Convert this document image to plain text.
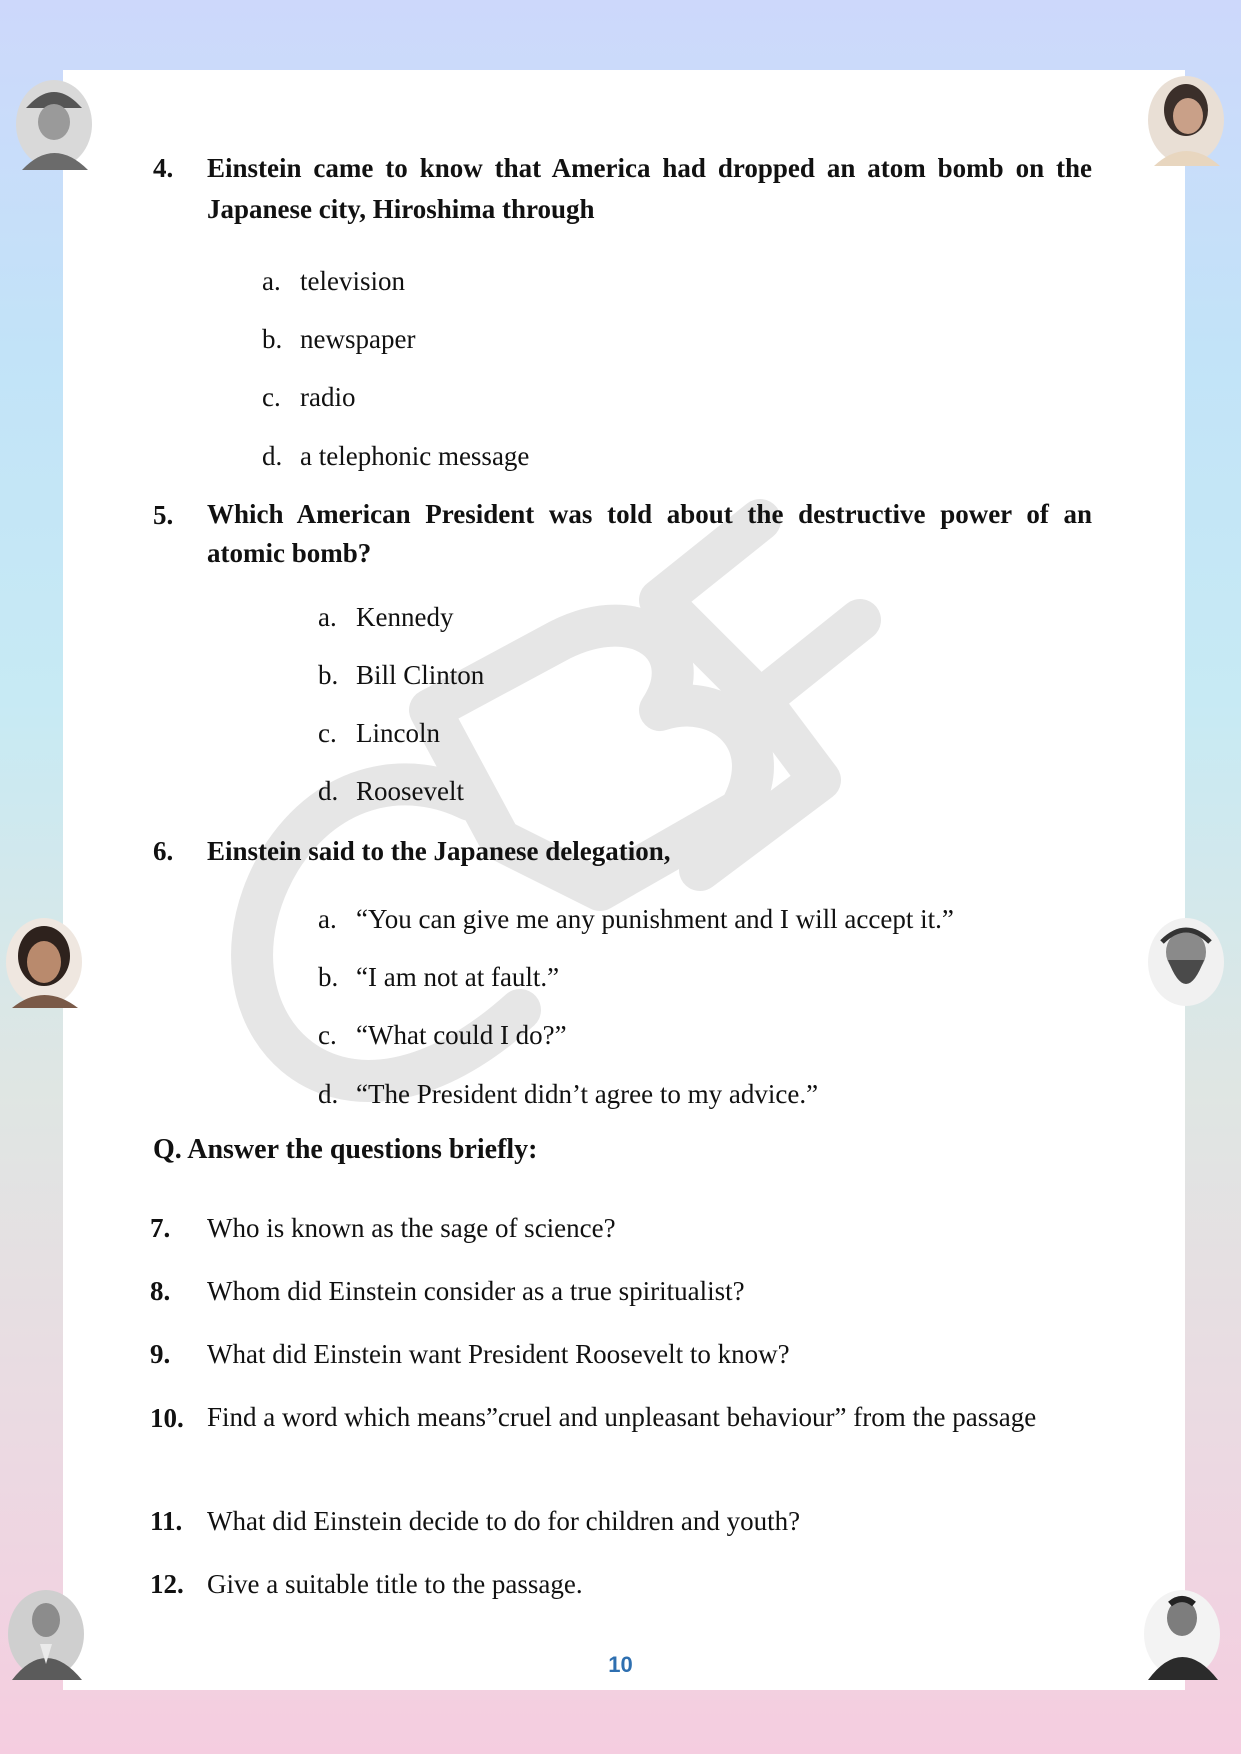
4. Einstein came to know that America had dropped an atom bomb on the Japanese city, Hiroshima through
a. television
b. newspaper
c. radio
d. a telephonic message
5. Which American President was told about the destructive power of an atomic bomb?
a. Kennedy
b. Bill Clinton
c. Lincoln
d. Roosevelt
6. Einstein said to the Japanese delegation,
a. “You can give me any punishment and I will accept it.”
b. “I am not at fault.”
c. “What could I do?”
d. “The President didn’t agree to my advice.”
Q. Answer the questions briefly:
7. Who is known as the sage of science?
8. Whom did Einstein consider as a true spiritualist?
9. What did Einstein want President Roosevelt to know?
10. Find a word which means”cruel and unpleasant behaviour” from the passage
11. What did Einstein decide to do for children and youth?
12. Give a suitable title to the passage.
10
